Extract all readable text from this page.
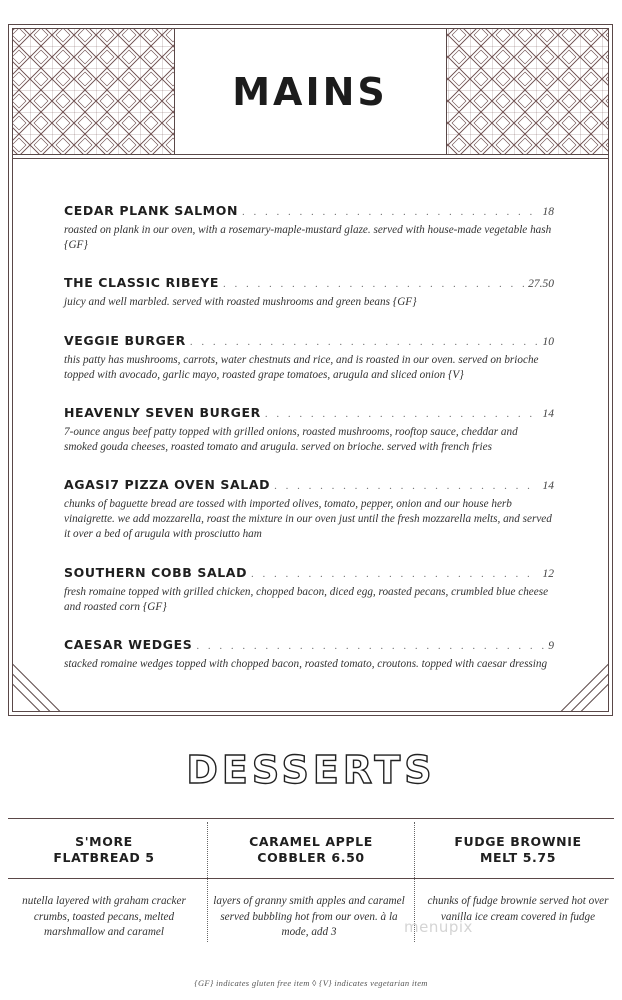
MAINS
CEDAR PLANK SALMON . . .	18
roasted on plank in our oven, with a rosemary-maple-mustard glaze. served with house-made vegetable hash {GF}
THE CLASSIC RIBEYE . . .	27.50
juicy and well marbled. served with roasted mushrooms and green beans {GF}
VEGGIE BURGER . . .	10
this patty has mushrooms, carrots, water chestnuts and rice, and is roasted in our oven. served on brioche topped with avocado, garlic mayo, roasted grape tomatoes, arugula and sliced onion {V}
HEAVENLY SEVEN BURGER . . .	14
7-ounce angus beef patty topped with grilled onions, roasted mushrooms, rooftop sauce, cheddar and smoked gouda cheeses, roasted tomato and arugula. served on brioche. served with french fries
AGASI7 PIZZA OVEN SALAD . . .	14
chunks of baguette bread are tossed with imported olives, tomato, pepper, onion and our house herb vinaigrette. we add mozzarella, roast the mixture in our oven just until the fresh mozzarella melts, and served it over a bed of arugula with prosciutto ham
SOUTHERN COBB SALAD . . .	12
fresh romaine topped with grilled chicken, chopped bacon, diced egg, roasted pecans, crumbled blue cheese and roasted corn {GF}
CAESAR WEDGES . . .	9
stacked romaine wedges topped with chopped bacon, roasted tomato, croutons. topped with caesar dressing
DESSERTS
S'MORE
FLATBREAD 5
CARAMEL APPLE
COBBLER 6.50
FUDGE BROWNIE
MELT 5.75
nutella layered with graham cracker crumbs, toasted pecans, melted marshmallow and caramel
layers of granny smith apples and caramel served bubbling hot from our oven. à la mode, add 3
chunks of fudge brownie served hot over vanilla ice cream covered in fudge
menupix
{GF} indicates gluten free item ◊ {V} indicates vegetarian item
